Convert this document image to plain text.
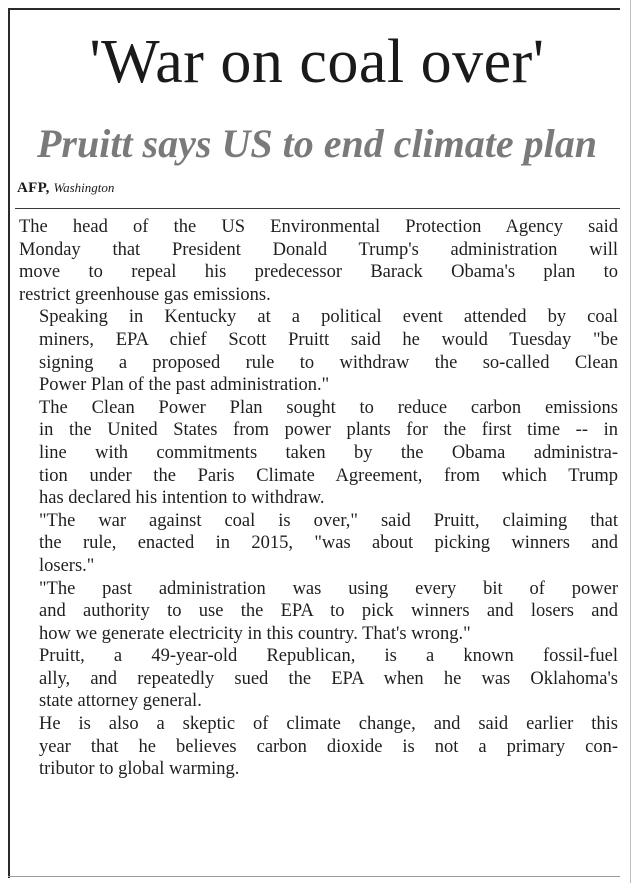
'War on coal over'
Pruitt says US to end climate plan
AFP, Washington

The head of the US Environmental Protection Agency said
Monday that President Donald Trump's administration will
move to repeal his predecessor Barack Obama's plan to
restrict greenhouse gas emissions.

Speaking in Kentucky at a political event attended by coal
miners, EPA chief Scott Pruitt said he would Tuesday "be
signing a proposed rule to withdraw the so-called Clean
Power Plan of the past administration."

The Clean Power Plan sought to reduce carbon emissions
in the United States from power plants for the first time -- in
line with commitments taken by the Obama administra-
tion under the Paris Climate Agreement, from which Trump
has declared his intention to withdraw.

"The war against coal is over," said Pruitt, claiming that
the rule, enacted in 2015, "was about picking winners and
losers."

"The past administration was using every bit of power
and authority to use the EPA to pick winners and losers and
how we generate electricity in this country. That's wrong."

Pruitt, a 49-year-old Republican, is a known fossil-fuel
ally, and repeatedly sued the EPA when he was Oklahoma's
state attorney general.

He is also a skeptic of climate change, and said earlier this
year that he believes carbon dioxide is not a primary con-
tributor to global warming.
